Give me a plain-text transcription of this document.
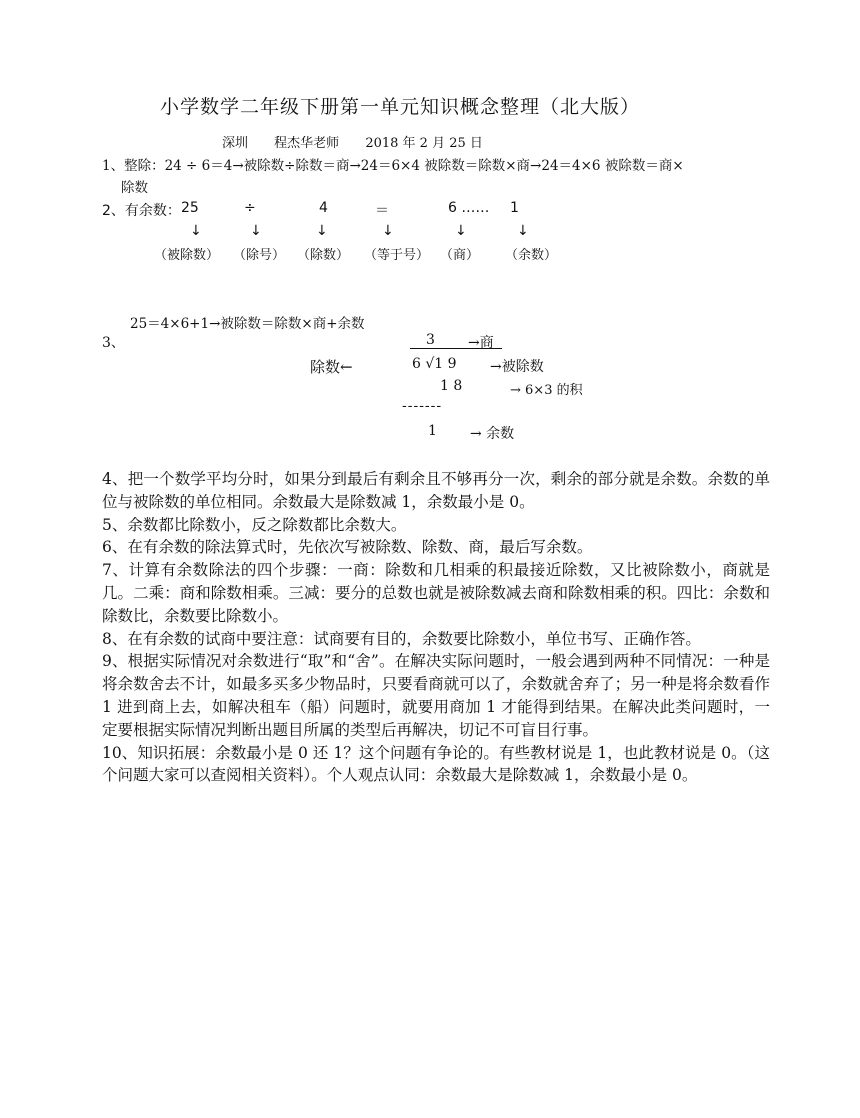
小学数学二年级下册第一单元知识概念整理（北大版）
深圳 程杰华老师 2018 年 2 月 25 日
1、整除：24 ÷ 6＝4→被除数÷除数＝商→24＝6×4 被除数＝除数×商→24＝4×6 被除数＝商×
除数
2、有余数： 25	÷	4	＝	6 …… 1
↓	↓	↓	↓	↓	↓
（被除数） （除号） （除数） （等于号） （商） （余数）
25＝4×6+1→被除数＝除数×商+余数
3、	3	→商
除数←	6 √1 9 →被除数
1 8	→ 6×3 的积
-------
1 → 余数

4、把一个数学平均分时，如果分到最后有剩余且不够再分一次，剩余的部分就是余数。余数的单位与被除数的单位相同。余数最大是除数减 1，余数最小是 0。

5、余数都比除数小，反之除数都比余数大。

6、在有余数的除法算式时，先依次写被除数、除数、商，最后写余数。

7、计算有余数除法的四个步骤：一商：除数和几相乘的积最接近除数，又比被除数小，商就是几。二乘：商和除数相乘。三减：要分的总数也就是被除数减去商和除数相乘的积。四比：余数和除数比，余数要比除数小。

8、在有余数的试商中要注意：试商要有目的，余数要比除数小，单位书写、正确作答。

9、根据实际情况对余数进行“取”和“舍”。在解决实际问题时，一般会遇到两种不同情况：一种是将余数舍去不计，如最多买多少物品时，只要看商就可以了，余数就舍弃了；另一种是将余数看作 1 进到商上去，如解决租车（船）问题时，就要用商加 1 才能得到结果。在解决此类问题时，一定要根据实际情况判断出题目所属的类型后再解决，切记不可盲目行事。

10、知识拓展：余数最小是 0 还 1？这个问题有争论的。有些教材说是 1，也此教材说是 0。（这个问题大家可以查阅相关资料）。个人观点认同：余数最大是除数减 1，余数最小是 0。
